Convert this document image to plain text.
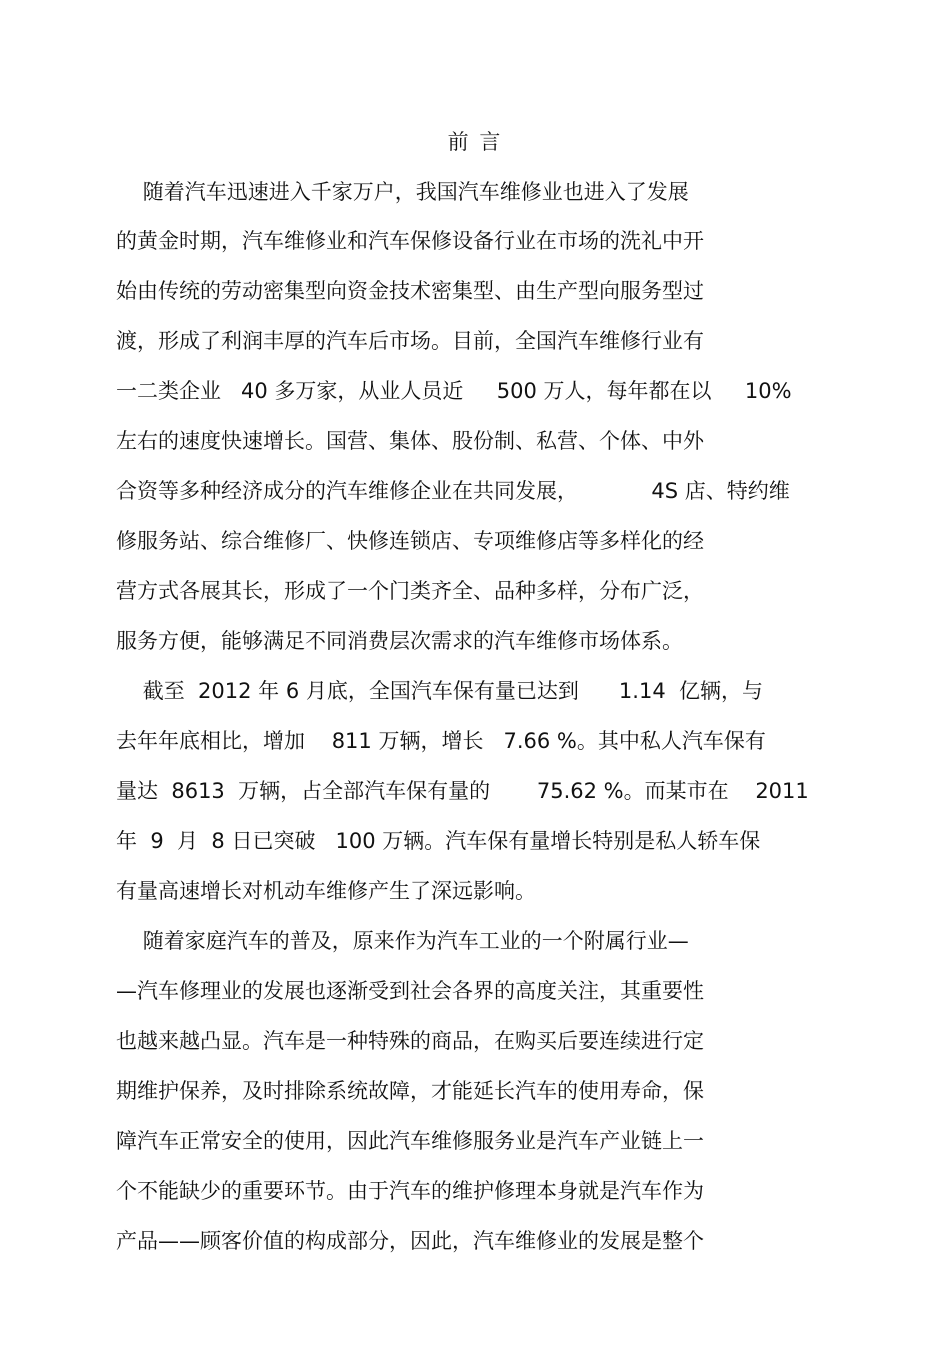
前 言
随着汽车迅速进入千家万户，我国汽车维修业也进入了发展
的黄金时期，汽车维修业和汽车保修设备行业在市场的洗礼中开
始由传统的劳动密集型向资金技术密集型、由生产型向服务型过
渡，形成了利润丰厚的汽车后市场。目前，全国汽车维修行业有
一二类企业   40 多万家，从业人员近     500 万人，每年都在以     10%
左右的速度快速增长。国营、集体、股份制、私营、个体、中外
合资等多种经济成分的汽车维修企业在共同发展，           4S 店、特约维
修服务站、综合维修厂、快修连锁店、专项维修店等多样化的经
营方式各展其长，形成了一个门类齐全、品种多样，分布广泛，
服务方便，能够满足不同消费层次需求的汽车维修市场体系。
截至  2012 年 6 月底，全国汽车保有量已达到      1.14  亿辆，与
去年年底相比，增加    811 万辆，增长   7.66 %。其中私人汽车保有
量达  8613  万辆，占全部汽车保有量的       75.62 %。而某市在    2011
年  9  月  8 日已突破   100 万辆。汽车保有量增长特别是私人轿车保
有量高速增长对机动车维修产生了深远影响。
随着家庭汽车的普及，原来作为汽车工业的一个附属行业—
—汽车修理业的发展也逐渐受到社会各界的高度关注，其重要性
也越来越凸显。汽车是一种特殊的商品，在购买后要连续进行定
期维护保养，及时排除系统故障，才能延长汽车的使用寿命，保
障汽车正常安全的使用，因此汽车维修服务业是汽车产业链上一
个不能缺少的重要环节。由于汽车的维护修理本身就是汽车作为
产品——顾客价值的构成部分，因此，汽车维修业的发展是整个
